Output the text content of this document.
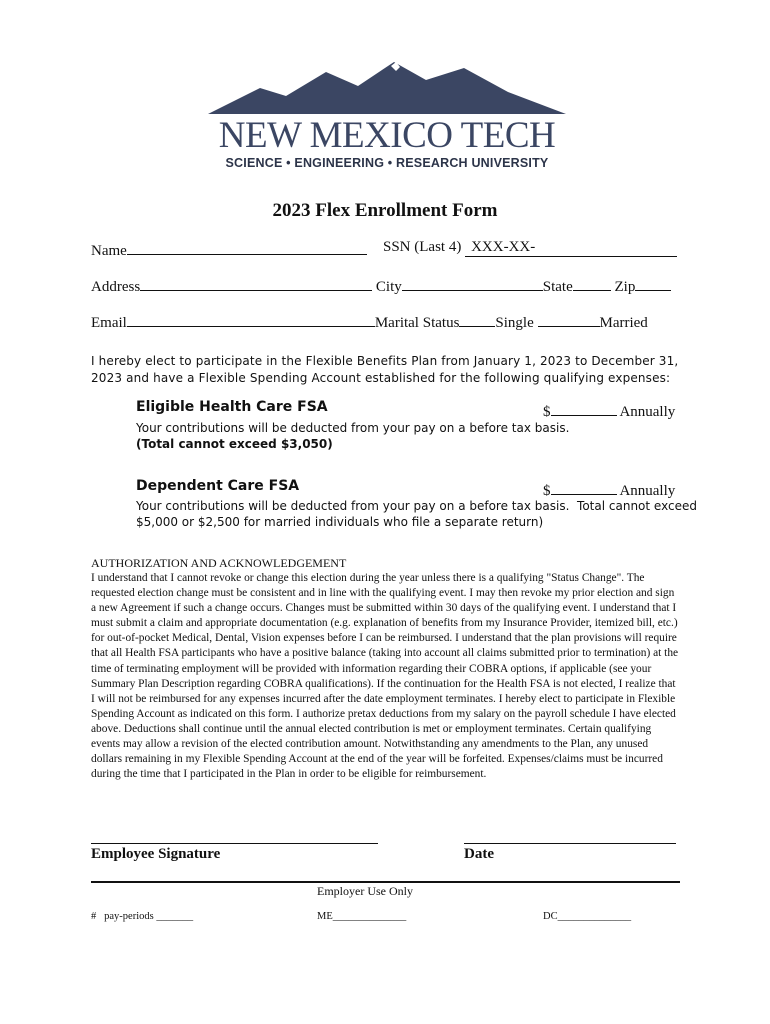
NEW MEXICO TECH
SCIENCE • ENGINEERING • RESEARCH UNIVERSITY
2023 Flex Enrollment Form
Name	SSN (Last 4) XXX-XX-
Address	City	State	Zip
Email	Marital Status Single	Married
I hereby elect to participate in the Flexible Benefits Plan from January 1, 2023 to December 31, 2023 and have a Flexible Spending Account established for the following qualifying expenses:
Eligible Health Care FSA	$	Annually
Your contributions will be deducted from your pay on a before tax basis.
(Total cannot exceed $3,050)
Dependent Care FSA	$	Annually
Your contributions will be deducted from your pay on a before tax basis. Total cannot exceed
$5,000 or $2,500 for married individuals who file a separate return)
AUTHORIZATION AND ACKNOWLEDGEMENT
I understand that I cannot revoke or change this election during the year unless there is a qualifying "Status Change". The requested election change must be consistent and in line with the qualifying event. I may then revoke my prior election and sign a new Agreement if such a change occurs. Changes must be submitted within 30 days of the qualifying event. I understand that I must submit a claim and appropriate documentation (e.g. explanation of benefits from my Insurance Provider, itemized bill, etc.) for out-of-pocket Medical, Dental, Vision expenses before I can be reimbursed. I understand that the plan provisions will require that all Health FSA participants who have a positive balance (taking into account all claims submitted prior to termination) at the time of terminating employment will be provided with information regarding their COBRA options, if applicable (see your Summary Plan Description regarding COBRA qualifications). If the continuation for the Health FSA is not elected, I realize that I will not be reimbursed for any expenses incurred after the date employment terminates. I hereby elect to participate in Flexible Spending Account as indicated on this form. I authorize pretax deductions from my salary on the payroll schedule I have elected above. Deductions shall continue until the annual elected contribution is met or employment terminates. Certain qualifying events may allow a revision of the elected contribution amount. Notwithstanding any amendments to the Plan, any unused dollars remaining in my Flexible Spending Account at the end of the year will be forfeited. Expenses/claims must be incurred during the time that I participated in the Plan in order to be eligible for reimbursement.
Employee Signature	Date
Employer Use Only
# pay-periods _______	ME______________	DC______________
